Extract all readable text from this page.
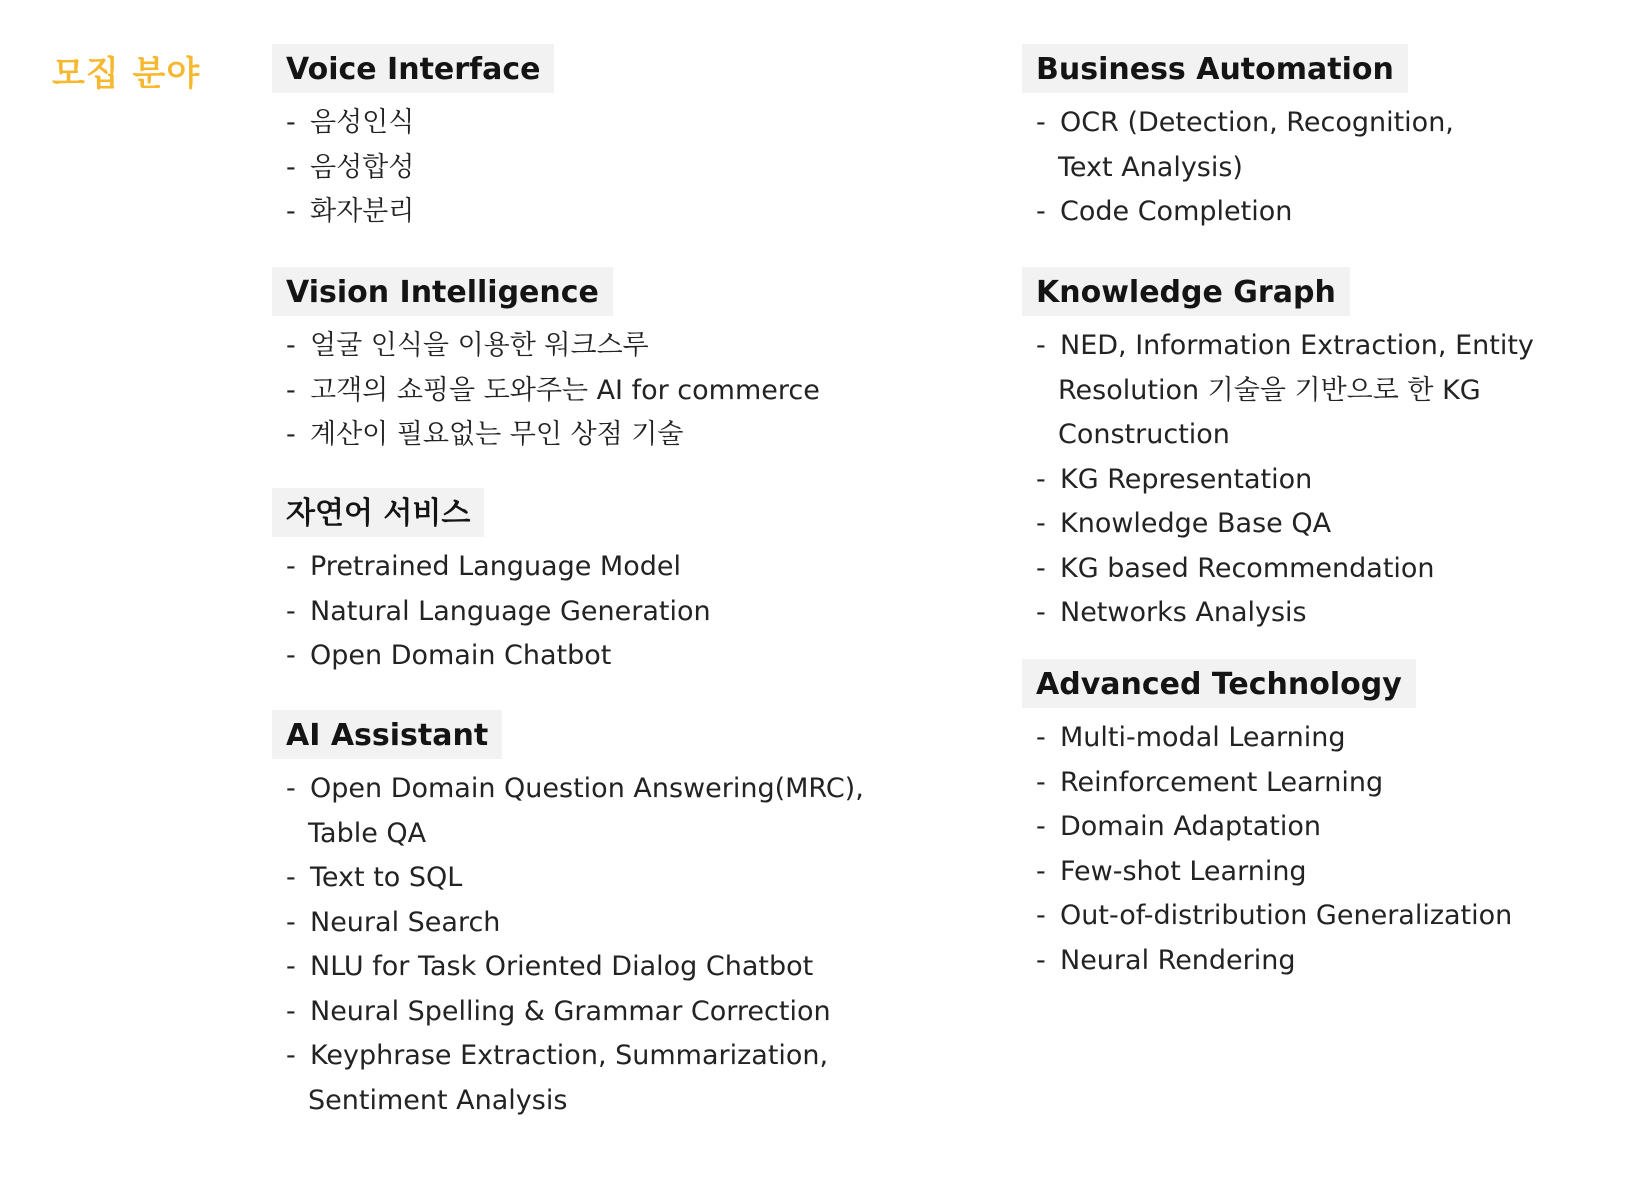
모집 분야	Voice Interface
- 음성인식
- 음성합성
- 화자분리
Vision Intelligence
- 얼굴 인식을 이용한 워크스루
- 고객의 쇼핑을 도와주는 AI for commerce
- 계산이 필요없는 무인 상점 기술
자연어 서비스
- Pretrained Language Model
- Natural Language Generation
- Open Domain Chatbot
AI Assistant
- Open Domain Question Answering(MRC),
Table QA
- Text to SQL
- Neural Search
- NLU for Task Oriented Dialog Chatbot
- Neural Spelling & Grammar Correction
- Keyphrase Extraction, Summarization,
Sentiment Analysis
Business Automation
- OCR (Detection, Recognition,
Text Analysis)
- Code Completion
Knowledge Graph
- NED, Information Extraction, Entity
Resolution 기술을 기반으로 한 KG
Construction
- KG Representation
- Knowledge Base QA
- KG based Recommendation
- Networks Analysis
Advanced Technology
- Multi-modal Learning
- Reinforcement Learning
- Domain Adaptation
- Few-shot Learning
- Out-of-distribution Generalization
- Neural Rendering
